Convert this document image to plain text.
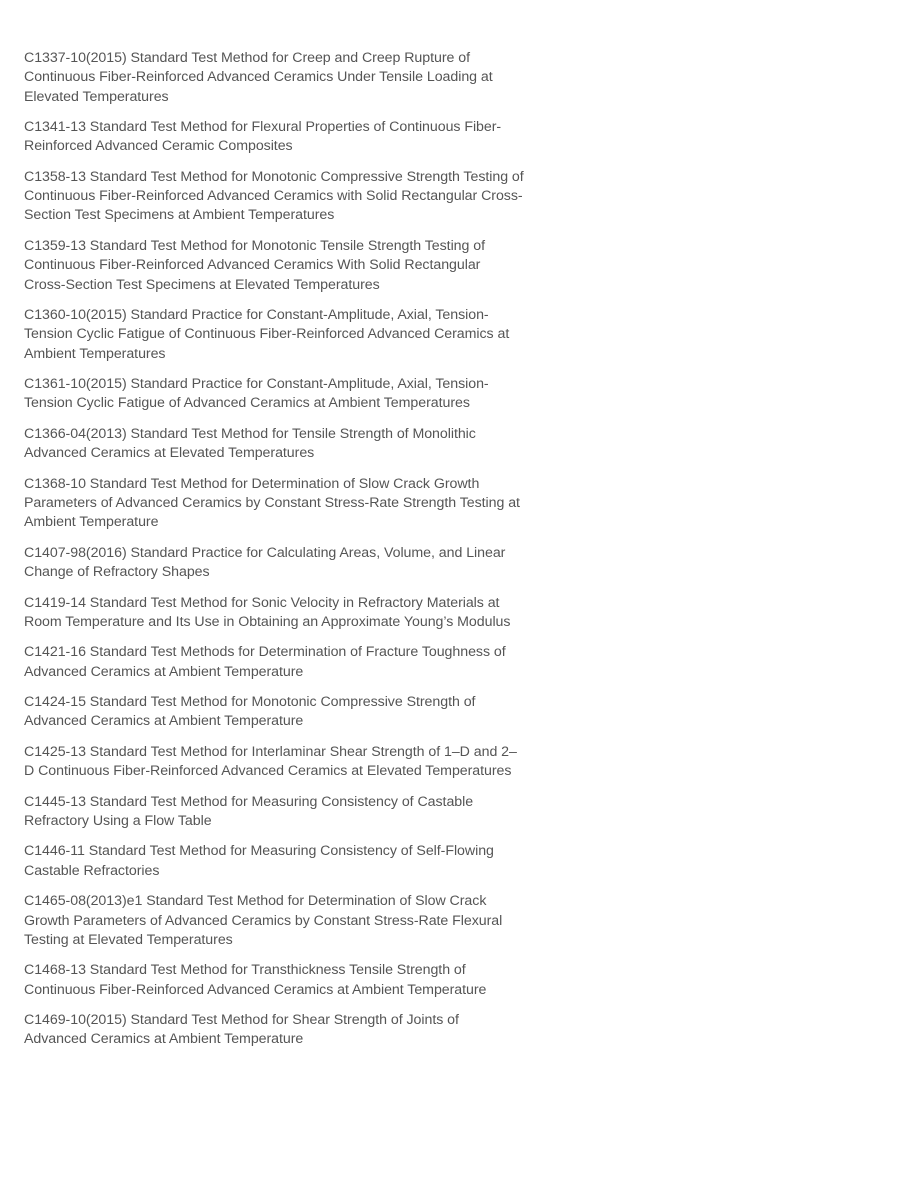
C1337-10(2015) Standard Test Method for Creep and Creep Rupture of Continuous Fiber-Reinforced Advanced Ceramics Under Tensile Loading at Elevated Temperatures

C1341-13 Standard Test Method for Flexural Properties of Continuous Fiber-Reinforced Advanced Ceramic Composites

C1358-13 Standard Test Method for Monotonic Compressive Strength Testing of Continuous Fiber-Reinforced Advanced Ceramics with Solid Rectangular Cross-Section Test Specimens at Ambient Temperatures

C1359-13 Standard Test Method for Monotonic Tensile Strength Testing of Continuous Fiber-Reinforced Advanced Ceramics With Solid Rectangular Cross-Section Test Specimens at Elevated Temperatures

C1360-10(2015) Standard Practice for Constant-Amplitude, Axial, Tension-Tension Cyclic Fatigue of Continuous Fiber-Reinforced Advanced Ceramics at Ambient Temperatures

C1361-10(2015) Standard Practice for Constant-Amplitude, Axial, Tension-Tension Cyclic Fatigue of Advanced Ceramics at Ambient Temperatures

C1366-04(2013) Standard Test Method for Tensile Strength of Monolithic Advanced Ceramics at Elevated Temperatures

C1368-10 Standard Test Method for Determination of Slow Crack Growth Parameters of Advanced Ceramics by Constant Stress-Rate Strength Testing at Ambient Temperature

C1407-98(2016) Standard Practice for Calculating Areas, Volume, and Linear Change of Refractory Shapes

C1419-14 Standard Test Method for Sonic Velocity in Refractory Materials at Room Temperature and Its Use in Obtaining an Approximate Young’s Modulus

C1421-16 Standard Test Methods for Determination of Fracture Toughness of Advanced Ceramics at Ambient Temperature

C1424-15 Standard Test Method for Monotonic Compressive Strength of Advanced Ceramics at Ambient Temperature

C1425-13 Standard Test Method for Interlaminar Shear Strength of 1–D and 2–D Continuous Fiber-Reinforced Advanced Ceramics at Elevated Temperatures

C1445-13 Standard Test Method for Measuring Consistency of Castable Refractory Using a Flow Table

C1446-11 Standard Test Method for Measuring Consistency of Self-Flowing Castable Refractories

C1465-08(2013)e1 Standard Test Method for Determination of Slow Crack Growth Parameters of Advanced Ceramics by Constant Stress-Rate Flexural Testing at Elevated Temperatures

C1468-13 Standard Test Method for Transthickness Tensile Strength of Continuous Fiber-Reinforced Advanced Ceramics at Ambient Temperature

C1469-10(2015) Standard Test Method for Shear Strength of Joints of Advanced Ceramics at Ambient Temperature
